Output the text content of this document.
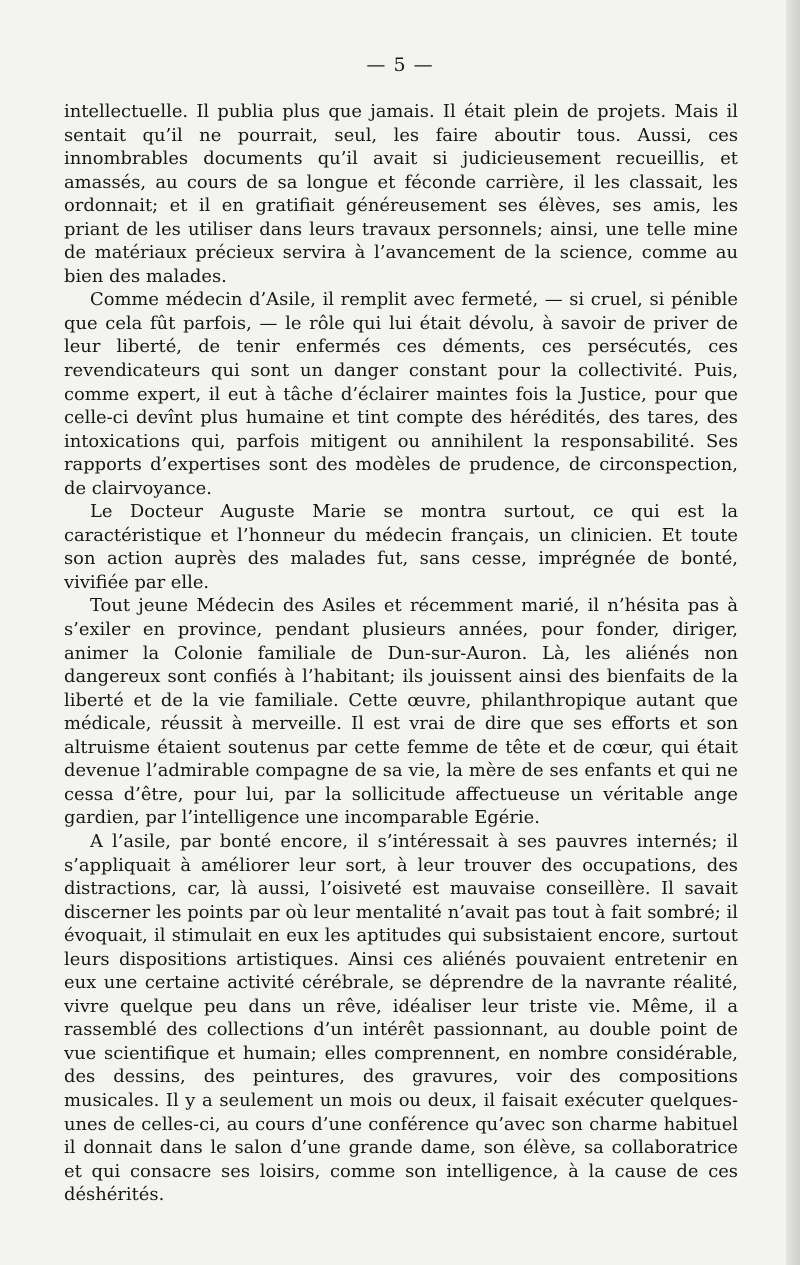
— 5 —

intellectuelle. Il publia plus que jamais. Il était plein de projets. Mais il sentait qu’il ne pourrait, seul, les faire aboutir tous. Aussi, ces innombrables documents qu’il avait si judicieusement recueillis, et amassés, au cours de sa longue et féconde carrière, il les classait, les ordonnait; et il en gratifiait généreusement ses élèves, ses amis, les priant de les utiliser dans leurs travaux personnels; ainsi, une telle mine de matériaux précieux servira à l’avancement de la science, comme au bien des malades.

Comme médecin d’Asile, il remplit avec fermeté, — si cruel, si pénible que cela fût parfois, — le rôle qui lui était dévolu, à savoir de priver de leur liberté, de tenir enfermés ces déments, ces persécutés, ces revendicateurs qui sont un danger constant pour la collectivité. Puis, comme expert, il eut à tâche d’éclairer maintes fois la Justice, pour que celle-ci devînt plus humaine et tint compte des hérédités, des tares, des intoxications qui, parfois mitigent ou annihilent la responsabilité. Ses rapports d’expertises sont des modèles de prudence, de circonspection, de clairvoyance.

Le Docteur Auguste Marie se montra surtout, ce qui est la caractéristique et l’honneur du médecin français, un clinicien. Et toute son action auprès des malades fut, sans cesse, imprégnée de bonté, vivifiée par elle.

Tout jeune Médecin des Asiles et récemment marié, il n’hésita pas à s’exiler en province, pendant plusieurs années, pour fonder, diriger, animer la Colonie familiale de Dun-sur-Auron. Là, les aliénés non dangereux sont confiés à l’habitant; ils jouissent ainsi des bienfaits de la liberté et de la vie familiale. Cette œuvre, philanthropique autant que médicale, réussit à merveille. Il est vrai de dire que ses efforts et son altruisme étaient soutenus par cette femme de tête et de cœur, qui était devenue l’admirable compagne de sa vie, la mère de ses enfants et qui ne cessa d’être, pour lui, par la sollicitude affectueuse un véritable ange gardien, par l’intelligence une incomparable Egérie.

A l’asile, par bonté encore, il s’intéressait à ses pauvres internés; il s’appliquait à améliorer leur sort, à leur trouver des occupations, des distractions, car, là aussi, l’oisiveté est mauvaise conseillère. Il savait discerner les points par où leur mentalité n’avait pas tout à fait sombré; il évoquait, il stimulait en eux les aptitudes qui subsistaient encore, surtout leurs dispositions artistiques. Ainsi ces aliénés pouvaient entretenir en eux une certaine activité cérébrale, se déprendre de la navrante réalité, vivre quelque peu dans un rêve, idéaliser leur triste vie. Même, il a rassemblé des collections d’un intérêt passionnant, au double point de vue scientifique et humain; elles comprennent, en nombre considérable, des dessins, des peintures, des gravures, voir des compositions musicales. Il y a seulement un mois ou deux, il faisait exécuter quelques-unes de celles-ci, au cours d’une conférence qu’avec son charme habituel il donnait dans le salon d’une grande dame, son élève, sa collaboratrice et qui consacre ses loisirs, comme son intelligence, à la cause de ces déshérités.
